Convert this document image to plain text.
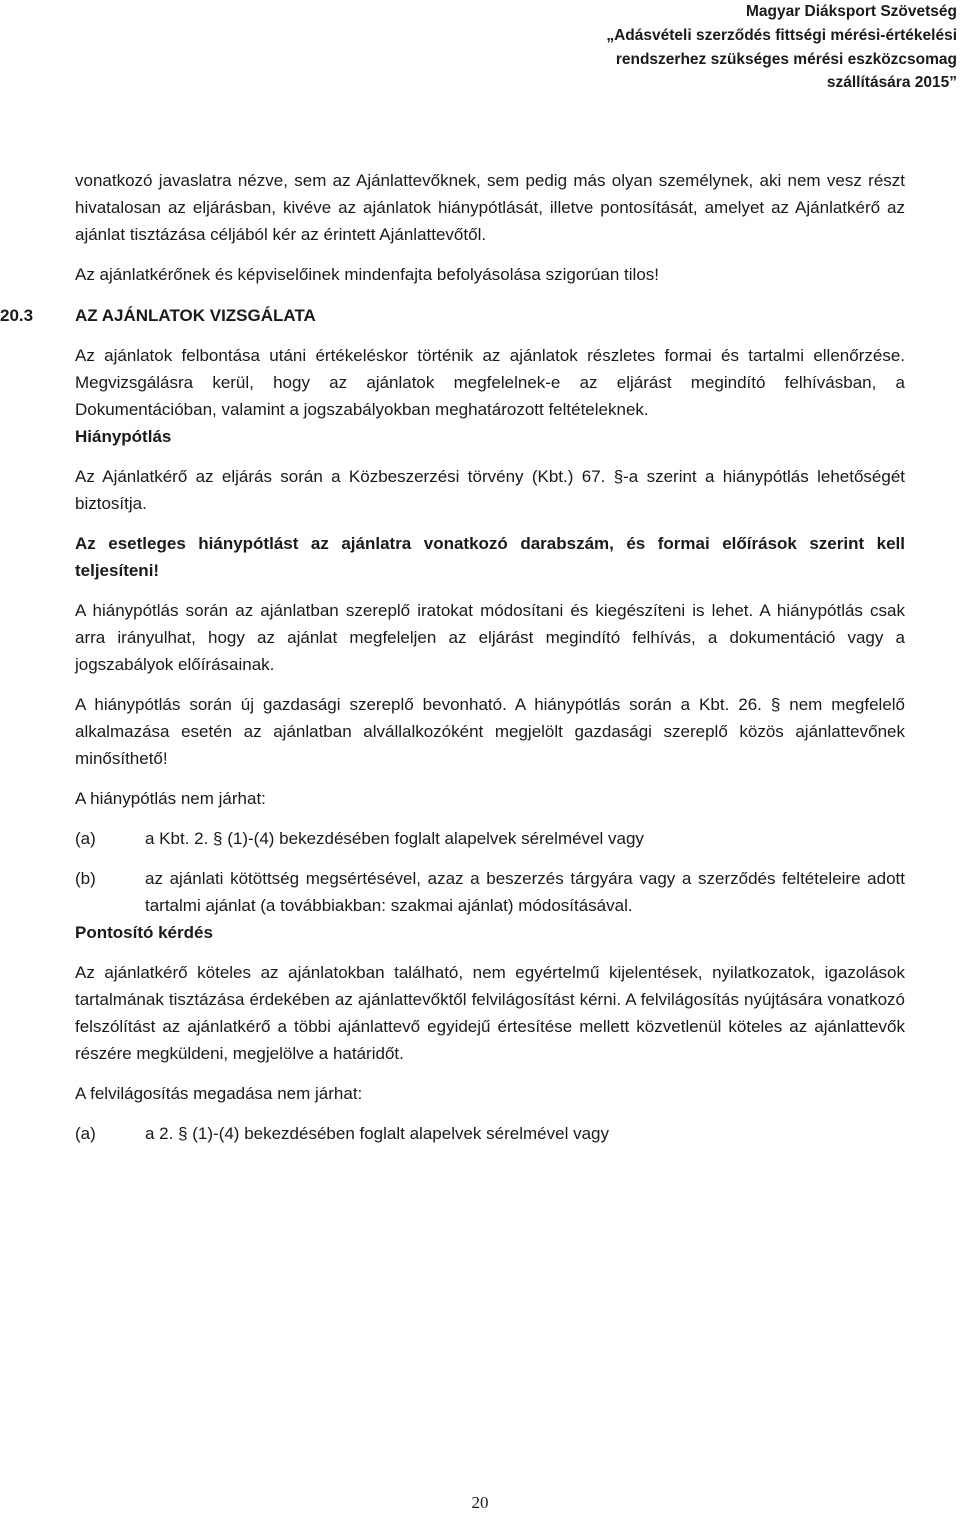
Magyar Diáksport Szövetség
„Adásvételi szerződés fittségi mérési-értékelési
rendszerhez szükséges mérési eszközcsomag
szállítására 2015”

vonatkozó javaslatra nézve, sem az Ajánlattevőknek, sem pedig más olyan személynek, aki nem vesz részt hivatalosan az eljárásban, kivéve az ajánlatok hiánypótlását, illetve pontosítását, amelyet az Ajánlatkérő az ajánlat tisztázása céljából kér az érintett Ajánlattevőtől.

Az ajánlatkérőnek és képviselőinek mindenfajta befolyásolása szigorúan tilos!

20.3	AZ AJÁNLATOK VIZSGÁLATA

Az ajánlatok felbontása utáni értékeléskor történik az ajánlatok részletes formai és tartalmi ellenőrzése. Megvizsgálásra kerül, hogy az ajánlatok megfelelnek-e az eljárást megindító felhívásban, a Dokumentációban, valamint a jogszabályokban meghatározott feltételeknek.

Hiánypótlás

Az Ajánlatkérő az eljárás során a Közbeszerzési törvény (Kbt.) 67. §-a szerint a hiánypótlás lehetőségét biztosítja.

Az esetleges hiánypótlást az ajánlatra vonatkozó darabszám, és formai előírások szerint kell teljesíteni!

A hiánypótlás során az ajánlatban szereplő iratokat módosítani és kiegészíteni is lehet. A hiánypótlás csak arra irányulhat, hogy az ajánlat megfeleljen az eljárást megindító felhívás, a dokumentáció vagy a jogszabályok előírásainak.

A hiánypótlás során új gazdasági szereplő bevonható. A hiánypótlás során a Kbt. 26. § nem megfelelő alkalmazása esetén az ajánlatban alvállalkozóként megjelölt gazdasági szereplő közös ajánlattevőnek minősíthető!

A hiánypótlás nem járhat:

(a)	a Kbt. 2. § (1)-(4) bekezdésében foglalt alapelvek sérelmével vagy
(b)	az ajánlati kötöttség megsértésével, azaz a beszerzés tárgyára vagy a szerződés feltételeire adott tartalmi ajánlat (a továbbiakban: szakmai ajánlat) módosításával.

Pontosító kérdés

Az ajánlatkérő köteles az ajánlatokban található, nem egyértelmű kijelentések, nyilatkozatok, igazolások tartalmának tisztázása érdekében az ajánlattevőktől felvilágosítást kérni. A felvilágosítás nyújtására vonatkozó felszólítást az ajánlatkérő a többi ajánlattevő egyidejű értesítése mellett közvetlenül köteles az ajánlattevők részére megküldeni, megjelölve a határidőt.

A felvilágosítás megadása nem járhat:

(a)	a 2. § (1)-(4) bekezdésében foglalt alapelvek sérelmével vagy
20
